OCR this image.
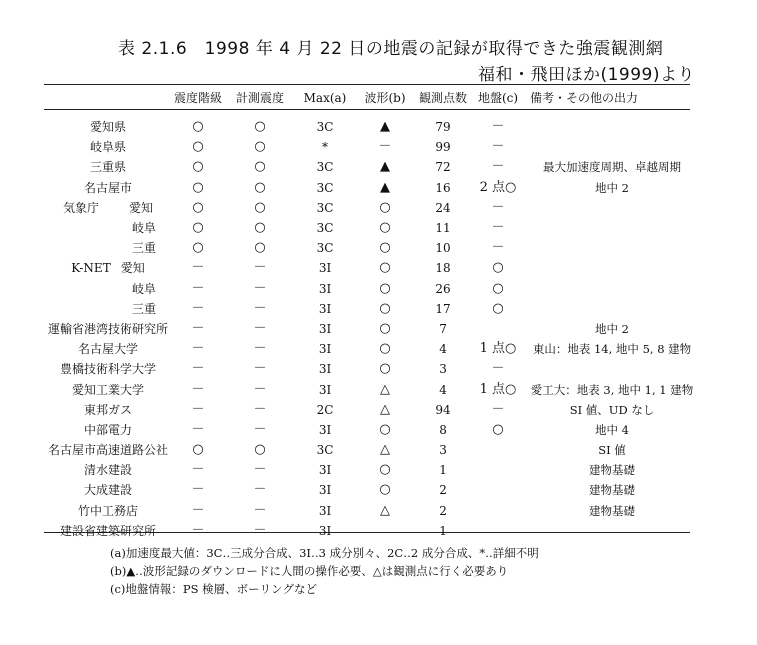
表 2.1.6　1998 年 4 月 22 日の地震の記録が取得できた強震観測網
福和・飛田ほか(1999)より
	震度階級	計測震度	Max(a)	波形(b)	観測点数	地盤(c)	備考・その他の出力
愛知県	○	○	3C	▲	79	－	
岐阜県	○	○	*	－	99	－	
三重県	○	○	3C	▲	72	－	最大加速度周期、卓越周期
名古屋市	○	○	3C	▲	16	2 点○	地中 2
気象庁 愛知	○	○	3C	○	24	－	
岐阜	○	○	3C	○	11	－	
三重	○	○	3C	○	10	－	
K-NET 愛知	－	－	3I	○	18	○	
岐阜	－	－	3I	○	26	○	
三重	－	－	3I	○	17	○	
運輸省港湾技術研究所	－	－	3I	○	7		地中 2
名古屋大学	－	－	3I	○	4	1 点○	東山：地表 14, 地中 5, 8 建物
豊橋技術科学大学	－	－	3I	○	3	－	
愛知工業大学	－	－	3I	△	4	1 点○	愛工大：地表 3, 地中 1, 1 建物
東邦ガス	－	－	2C	△	94	－	SI 値、UD なし
中部電力	－	－	3I	○	8	○	地中 4
名古屋市高速道路公社	○	○	3C	△	3		SI 値
清水建設	－	－	3I	○	1		建物基礎
大成建設	－	－	3I	○	2		建物基礎
竹中工務店	－	－	3I	△	2		建物基礎
建設省建築研究所	－	－	3I		1		
(a)加速度最大値：3C‥三成分合成、3I‥3 成分別々、2C‥2 成分合成、*‥詳細不明
(b)▲‥波形記録のダウンロードに人間の操作必要、△は観測点に行く必要あり
(c)地盤情報：PS 検層、ボーリングなど
